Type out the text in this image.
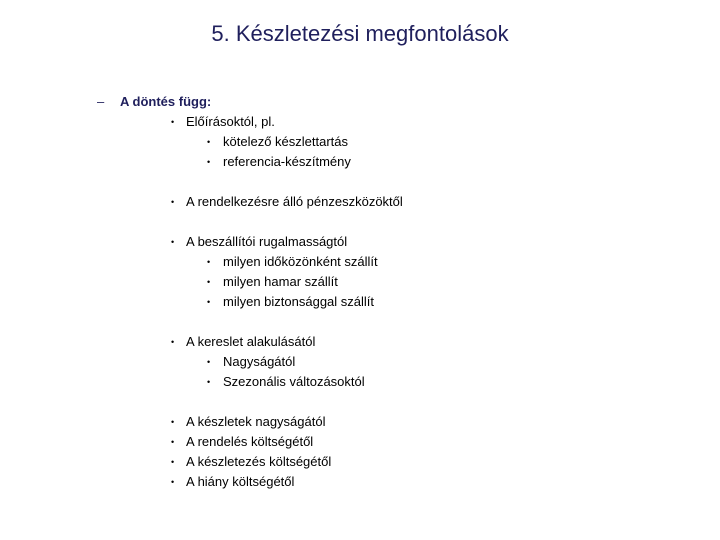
5. Készletezési megfontolások
– A döntés függ:
• Előírásoktól, pl.
• kötelező készlettartás
• referencia-készítmény
• A rendelkezésre álló pénzeszközöktől
• A beszállítói rugalmasságtól
• milyen időközönként szállít
• milyen hamar szállít
• milyen biztonsággal szállít
• A kereslet alakulásától
• Nagyságától
• Szezonális változásoktól
• A készletek nagyságától
• A rendelés költségétől
• A készletezés költségétől
• A hiány költségétől
